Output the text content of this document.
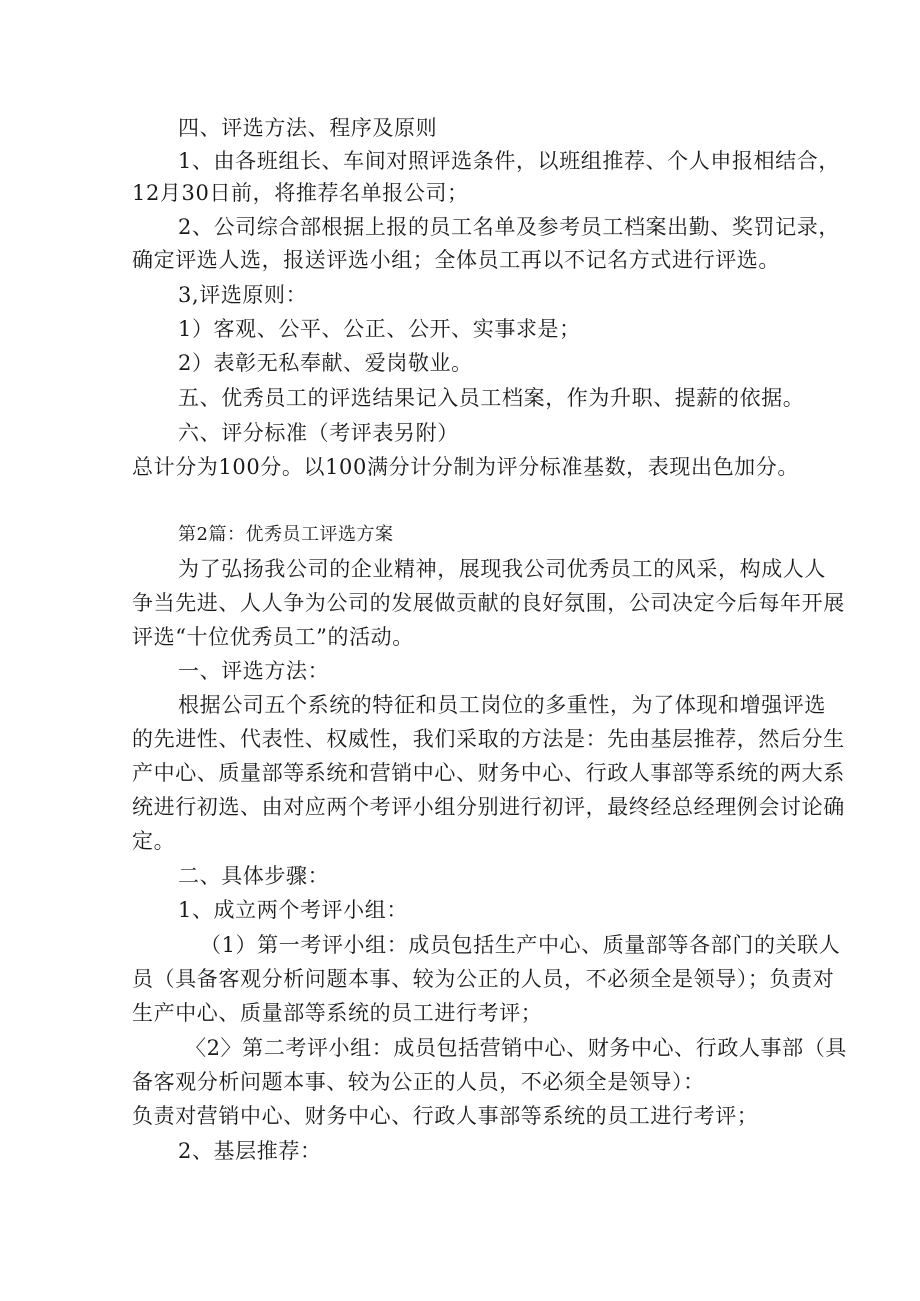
四、评选方法、程序及原则
1、由各班组长、车间对照评选条件，以班组推荐、个人申报相结合，
12月30日前，将推荐名单报公司；
2、公司综合部根据上报的员工名单及参考员工档案出勤、奖罚记录，
确定评选人选，报送评选小组；全体员工再以不记名方式进行评选。
3,评选原则：
1）客观、公平、公正、公开、实事求是；
2）表彰无私奉献、爱岗敬业。
五、优秀员工的评选结果记入员工档案，作为升职、提薪的依据。
六、评分标准（考评表另附）
总计分为100分。以100满分计分制为评分标准基数，表现出色加分。
第2篇：优秀员工评选方案
为了弘扬我公司的企业精神，展现我公司优秀员工的风采，构成人人
争当先进、人人争为公司的发展做贡献的良好氛围，公司决定今后每年开展
评选“十位优秀员工”的活动。
一、评选方法：
根据公司五个系统的特征和员工岗位的多重性，为了体现和增强评选
的先进性、代表性、权威性，我们采取的方法是：先由基层推荐，然后分生
产中心、质量部等系统和营销中心、财务中心、行政人事部等系统的两大系
统进行初选、由对应两个考评小组分别进行初评，最终经总经理例会讨论确
定。
二、具体步骤：
1、成立两个考评小组：
（1）第一考评小组：成员包括生产中心、质量部等各部门的关联人
员（具备客观分析问题本事、较为公正的人员，不必须全是领导）；负责对
生产中心、质量部等系统的员工进行考评；
〈2〉第二考评小组：成员包括营销中心、财务中心、行政人事部（具
备客观分析问题本事、较为公正的人员，不必须全是领导）：
负责对营销中心、财务中心、行政人事部等系统的员工进行考评；
2、基层推荐：
